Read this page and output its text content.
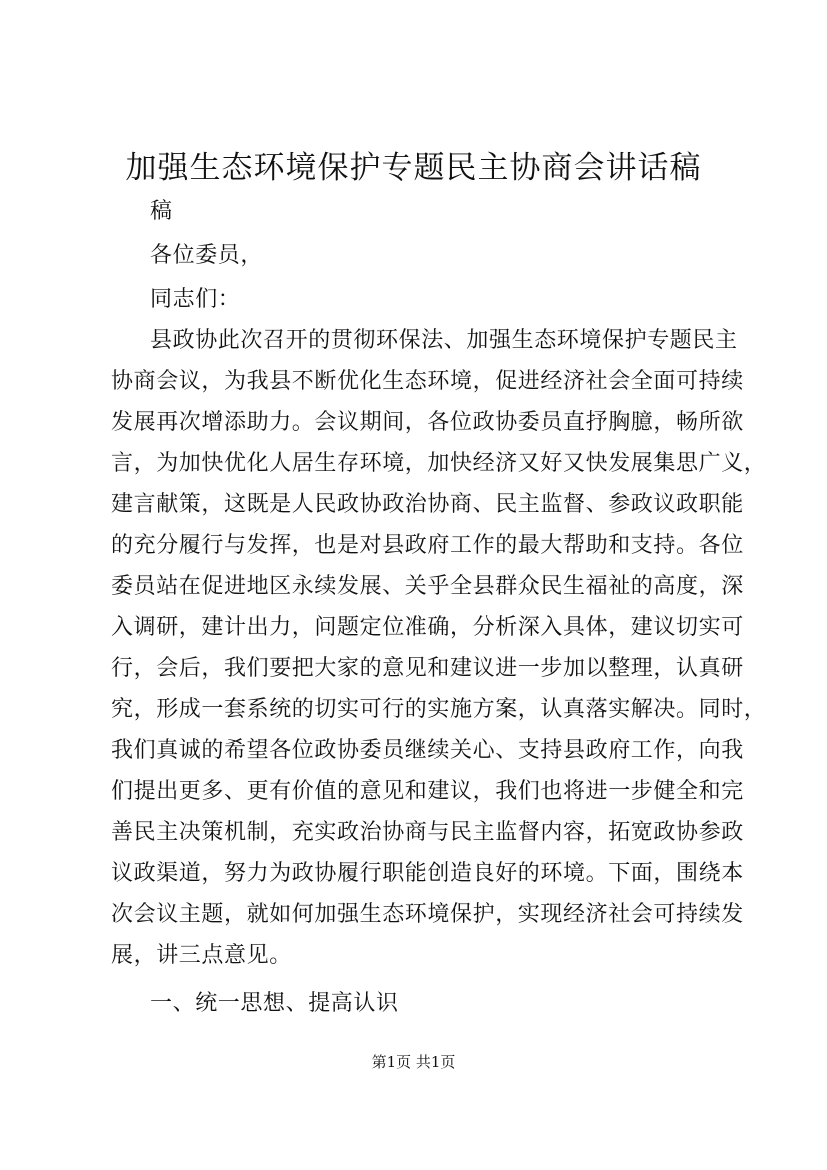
加强生态环境保护专题民主协商会讲话稿
稿
各位委员，
同志们：
县政协此次召开的贯彻环保法、加强生态环境保护专题民主
协商会议，为我县不断优化生态环境，促进经济社会全面可持续
发展再次增添助力。会议期间，各位政协委员直抒胸臆，畅所欲
言，为加快优化人居生存环境，加快经济又好又快发展集思广义，
建言献策，这既是人民政协政治协商、民主监督、参政议政职能
的充分履行与发挥，也是对县政府工作的最大帮助和支持。各位
委员站在促进地区永续发展、关乎全县群众民生福祉的高度，深
入调研，建计出力，问题定位准确，分析深入具体，建议切实可
行，会后，我们要把大家的意见和建议进一步加以整理，认真研
究，形成一套系统的切实可行的实施方案，认真落实解决。同时，
我们真诚的希望各位政协委员继续关心、支持县政府工作，向我
们提出更多、更有价值的意见和建议，我们也将进一步健全和完
善民主决策机制，充实政治协商与民主监督内容，拓宽政协参政
议政渠道，努力为政协履行职能创造良好的环境。下面，围绕本
次会议主题，就如何加强生态环境保护，实现经济社会可持续发
展，讲三点意见。
一、统一思想、提高认识
第1页 共1页
